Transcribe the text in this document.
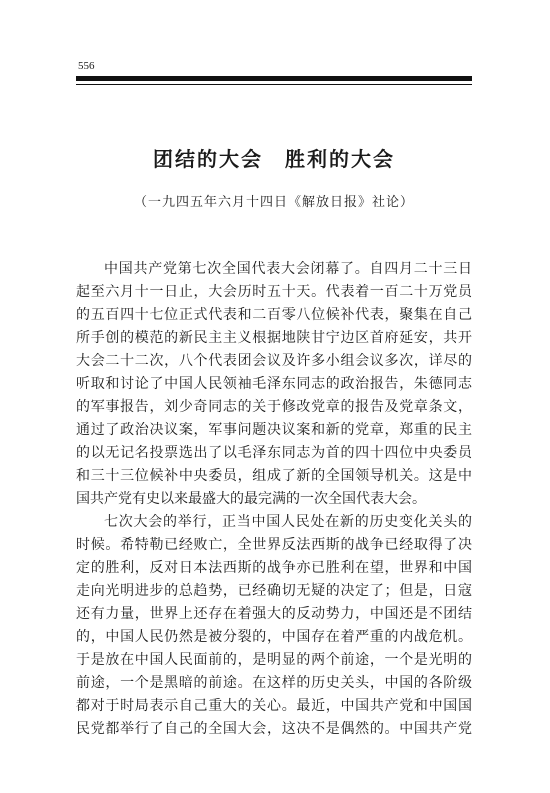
556
团结的大会　胜利的大会
（一九四五年六月十四日《解放日报》社论）
中国共产党第七次全国代表大会闭幕了。自四月二十三日
起至六月十一日止，大会历时五十天。代表着一百二十万党员
的五百四十七位正式代表和二百零八位候补代表，聚集在自己
所手创的模范的新民主主义根据地陕甘宁边区首府延安，共开
大会二十二次，八个代表团会议及许多小组会议多次，详尽的
听取和讨论了中国人民领袖毛泽东同志的政治报告，朱德同志
的军事报告，刘少奇同志的关于修改党章的报告及党章条文，
通过了政治决议案，军事问题决议案和新的党章，郑重的民主
的以无记名投票选出了以毛泽东同志为首的四十四位中央委员
和三十三位候补中央委员，组成了新的全国领导机关。这是中
国共产党有史以来最盛大的最完满的一次全国代表大会。
七次大会的举行，正当中国人民处在新的历史变化关头的
时候。希特勒已经败亡，全世界反法西斯的战争已经取得了决
定的胜利，反对日本法西斯的战争亦已胜利在望，世界和中国
走向光明进步的总趋势，已经确切无疑的决定了；但是，日寇
还有力量，世界上还存在着强大的反动势力，中国还是不团结
的，中国人民仍然是被分裂的，中国存在着严重的内战危机。
于是放在中国人民面前的，是明显的两个前途，一个是光明的
前途，一个是黑暗的前途。在这样的历史关头，中国的各阶级
都对于时局表示自己重大的关心。最近，中国共产党和中国国
民党都举行了自己的全国大会，这决不是偶然的。中国共产党
